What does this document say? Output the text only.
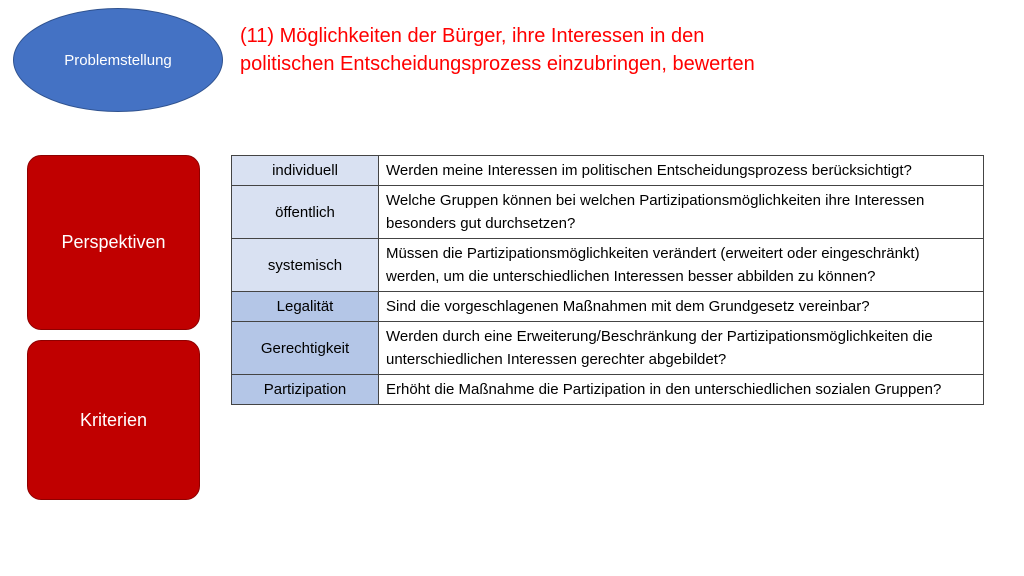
Problemstellung
(11) Möglichkeiten der Bürger, ihre Interessen in den
politischen Entscheidungsprozess einzubringen, bewerten
Perspektiven
Kriterien
individuell	Werden meine Interessen im politischen Entscheidungsprozess berücksichtigt?
öffentlich	Welche Gruppen können bei welchen Partizipationsmöglichkeiten ihre Interessen besonders gut durchsetzen?
systemisch	Müssen die Partizipationsmöglichkeiten verändert (erweitert oder eingeschränkt) werden, um die unterschiedlichen Interessen besser abbilden zu können?
Legalität	Sind die vorgeschlagenen Maßnahmen mit dem Grundgesetz vereinbar?
Gerechtigkeit	Werden durch eine Erweiterung/Beschränkung der Partizipationsmöglichkeiten die unterschiedlichen Interessen gerechter abgebildet?
Partizipation	Erhöht die Maßnahme die Partizipation in den unterschiedlichen sozialen Gruppen?
